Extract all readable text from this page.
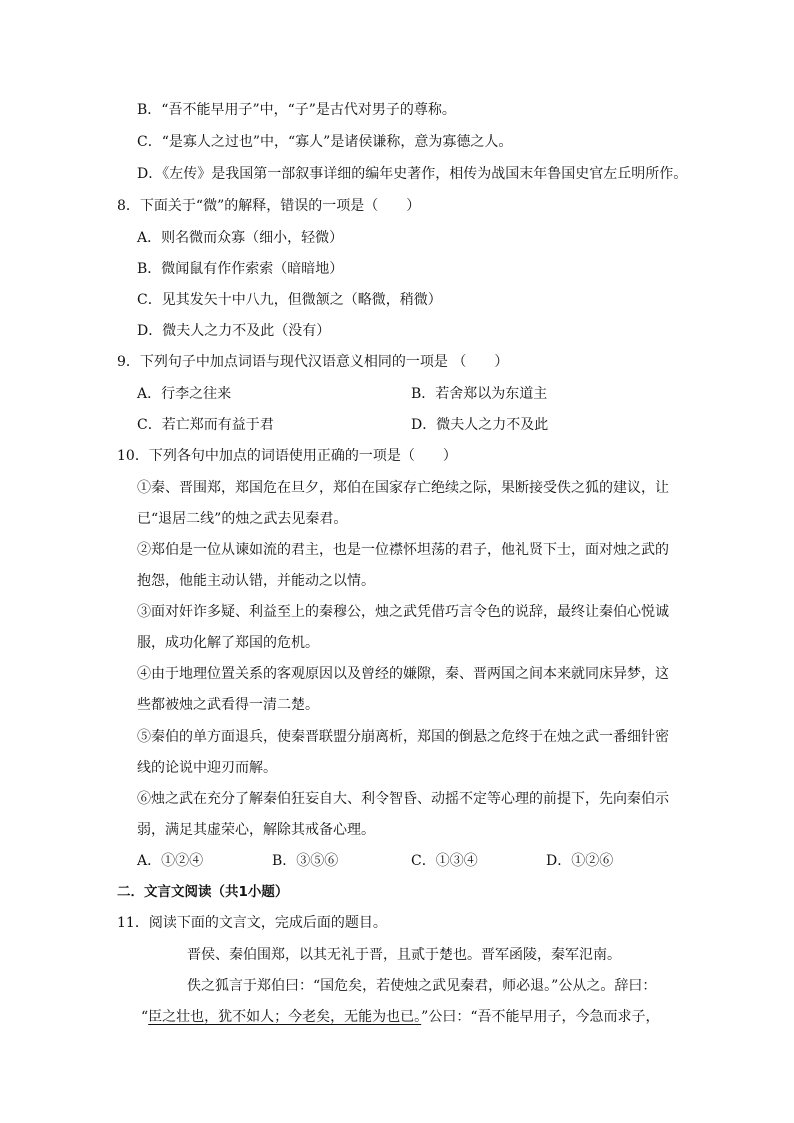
B．“吾不能早用子”中，“子”是古代对男子的尊称。
C．“是寡人之过也”中，“寡人”是诸侯谦称，意为寡德之人。
D．《左传》是我国第一部叙事详细的编年史著作，相传为战国末年鲁国史官左丘明所作。
8．下面关于“微”的解释，错误的一项是（　　）
A．则名微而众寡（细小，轻微）
B．微闻鼠有作作索索（暗暗地）
C．见其发矢十中八九，但微颔之（略微，稍微）
D．微夫人之力不及此（没有）
9．下列句子中加点词语与现代汉语意义相同的一项是 （　　）
A．行李之往来	B．若舍郑以为东道主
C．若亡郑而有益于君	D．微夫人之力不及此
10．下列各句中加点的词语使用正确的一项是（　　）
①秦、晋围郑，郑国危在旦夕，郑伯在国家存亡绝续之际，果断接受佚之狐的建议，让
已“退居二线”的烛之武去见秦君。
②郑伯是一位从谏如流的君主，也是一位襟怀坦荡的君子，他礼贤下士，面对烛之武的
抱怨，他能主动认错，并能动之以情。
③面对奸诈多疑、利益至上的秦穆公，烛之武凭借巧言令色的说辞，最终让秦伯心悦诚
服，成功化解了郑国的危机。
④由于地理位置关系的客观原因以及曾经的嫌隙，秦、晋两国之间本来就同床异梦，这
些都被烛之武看得一清二楚。
⑤秦伯的单方面退兵，使秦晋联盟分崩离析，郑国的倒悬之危终于在烛之武一番细针密
线的论说中迎刃而解。
⑥烛之武在充分了解秦伯狂妄自大、利令智昏、动摇不定等心理的前提下，先向秦伯示
弱，满足其虚荣心，解除其戒备心理。
A．①②④	B．③⑤⑥	C．①③④	D．①②⑥
二．文言文阅读（共1小题）
11．阅读下面的文言文，完成后面的题目。
晋侯、秦伯围郑，以其无礼于晋，且贰于楚也。晋军函陵，秦军氾南。
佚之狐言于郑伯曰：“国危矣，若使烛之武见秦君，师必退。”公从之。辞曰：
“臣之壮也，犹不如人；今老矣，无能为也已。”公曰：“吾不能早用子，今急而求子，
